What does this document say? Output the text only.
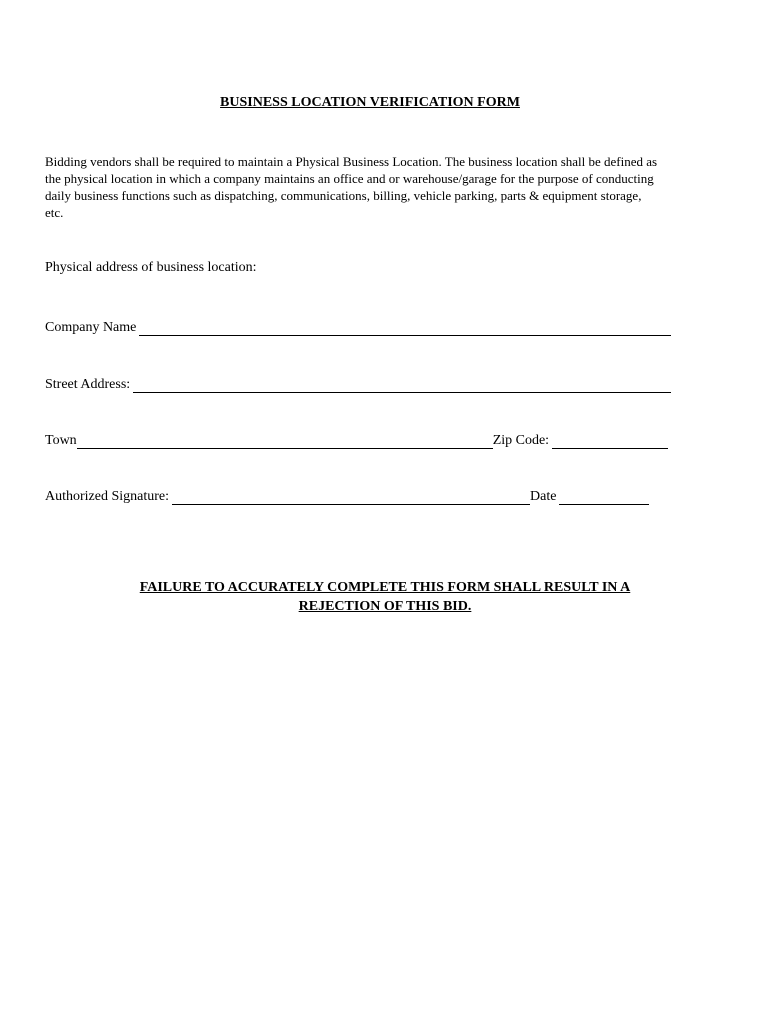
BUSINESS LOCATION VERIFICATION FORM
Bidding vendors shall be required to maintain a Physical Business Location. The business location shall be defined as
the physical location in which a company maintains an office and or warehouse/garage for the purpose of conducting
daily business functions such as dispatching, communications, billing, vehicle parking, parts & equipment storage,
etc.
Physical address of business location:
Company Name
Street Address:
Town	Zip Code:
Authorized Signature:	Date
FAILURE TO ACCURATELY COMPLETE THIS FORM SHALL RESULT IN A
REJECTION OF THIS BID.
